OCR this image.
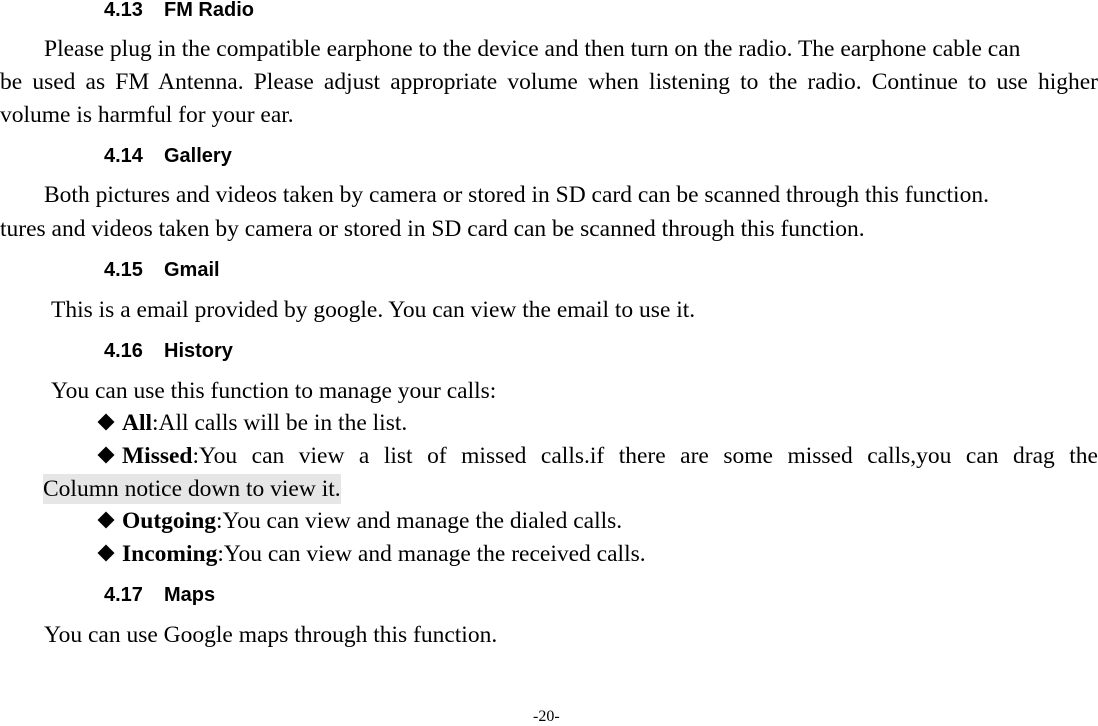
4.13 FM Radio
Please plug in the compatible earphone to the device and then turn on the radio. The earphone cable can
be used as FM Antenna. Please adjust appropriate volume when listening to the radio. Continue to use higher
volume is harmful for your ear.
4.14 Gallery
Both pictures and videos taken by camera or stored in SD card can be scanned through this function.
tures and videos taken by camera or stored in SD card can be scanned through this function.
4.15 Gmail
This is a email provided by google. You can view the email to use it.
4.16 History
You can use this function to manage your calls:
All:All calls will be in the list.
Missed:You can view a list of missed calls.if there are some missed calls,you can drag the
Column notice down to view it.
Outgoing:You can view and manage the dialed calls.
Incoming:You can view and manage the received calls.
4.17 Maps
You can use Google maps through this function.
-20-
